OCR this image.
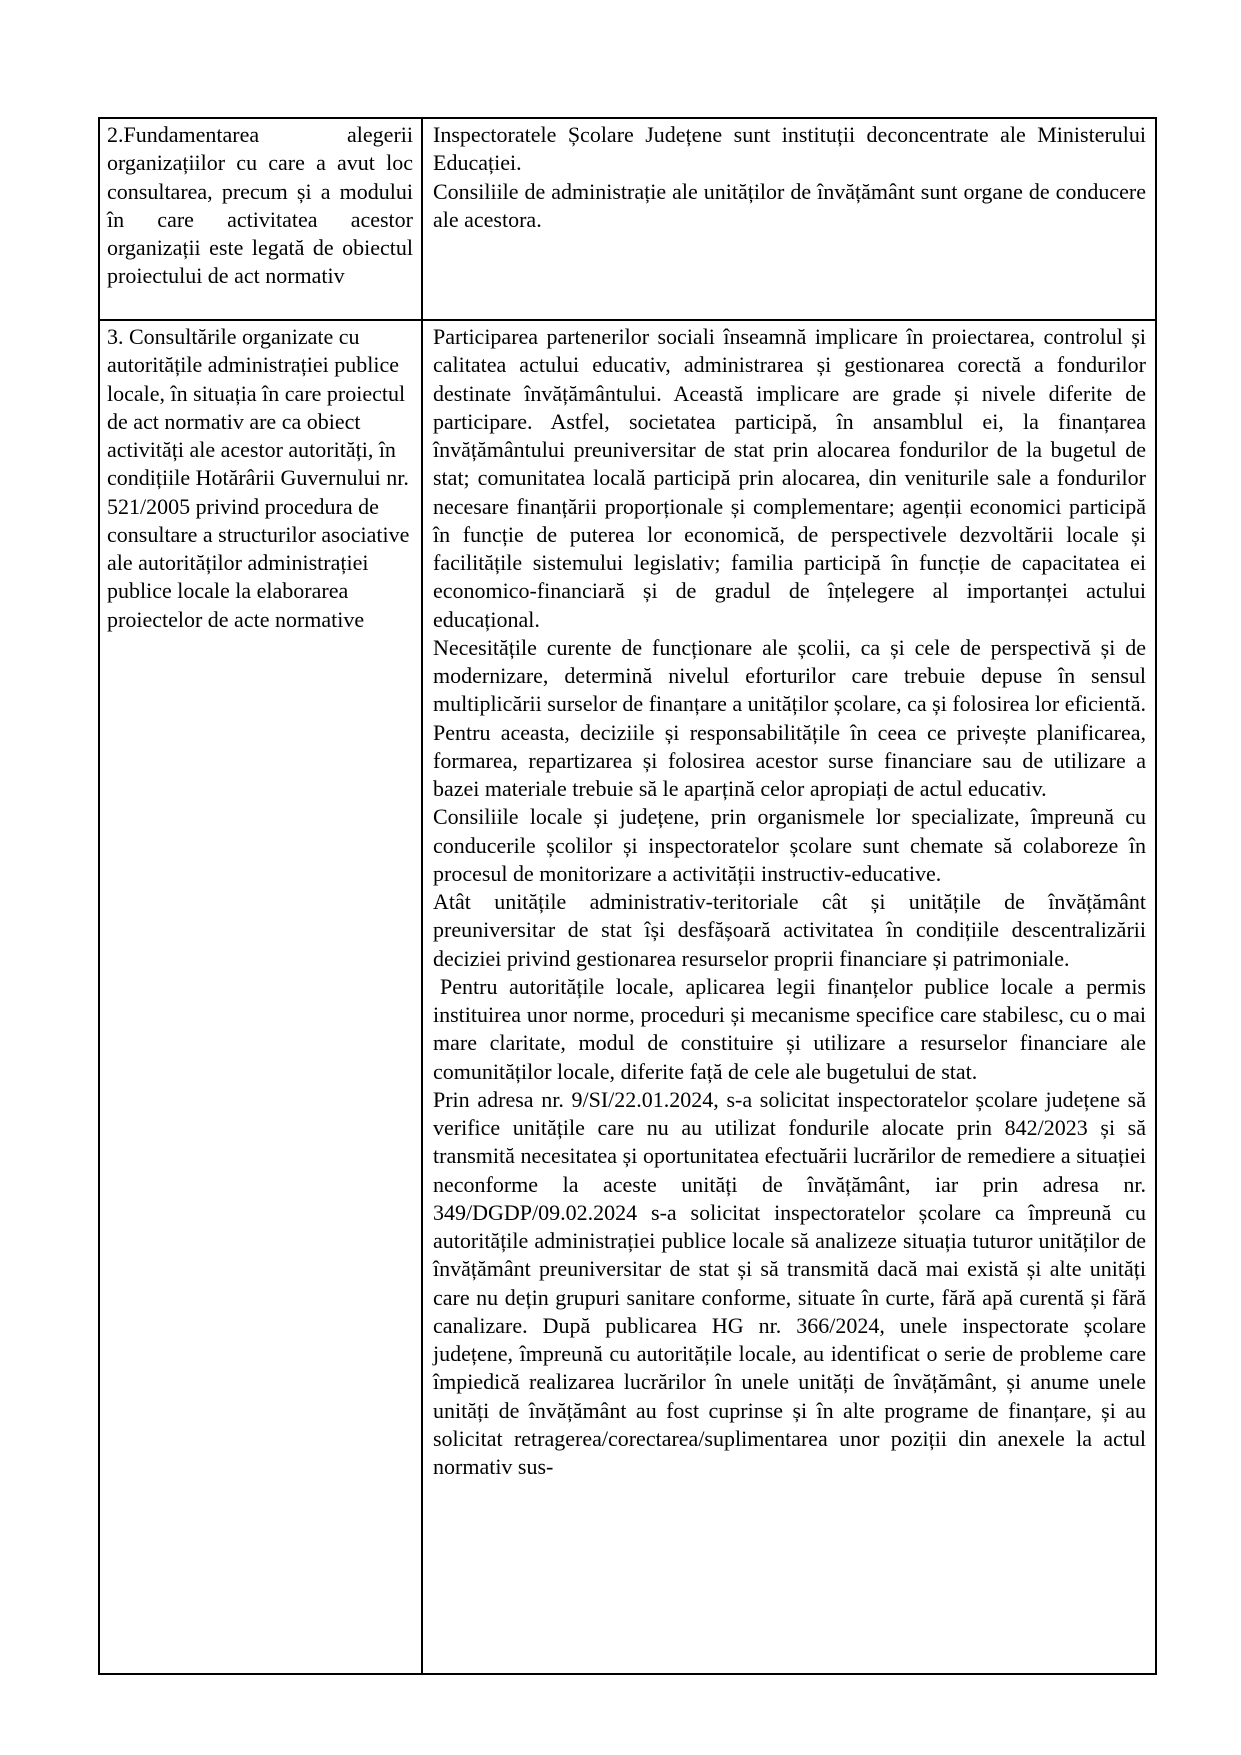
2.Fundamentarea alegerii organizațiilor cu care a avut loc consultarea, precum și a modului în care activitatea acestor organizații este legată de obiectul proiectului de act normativ

Inspectoratele Școlare Județene sunt instituții deconcentrate ale Ministerului Educației.

Consiliile de administrație ale unităților de învățământ sunt organe de conducere ale acestora.

3. Consultările organizate cu autoritățile administrației publice locale, în situația în care proiectul de act normativ are ca obiect activități ale acestor autorități, în condițiile Hotărârii Guvernului nr. 521/2005 privind procedura de consultare a structurilor asociative ale autorităților administrației publice locale la elaborarea proiectelor de acte normative

Participarea partenerilor sociali înseamnă implicare în proiectarea, controlul și calitatea actului educativ, administrarea și gestionarea corectă a fondurilor destinate învățământului. Această implicare are grade și nivele diferite de participare. Astfel, societatea participă, în ansamblul ei, la finanțarea învățământului preuniversitar de stat prin alocarea fondurilor de la bugetul de stat; comunitatea locală participă prin alocarea, din veniturile sale a fondurilor necesare finanțării proporționale și complementare; agenții economici participă în funcție de puterea lor economică, de perspectivele dezvoltării locale și facilitățile sistemului legislativ; familia participă în funcție de capacitatea ei economico-financiară și de gradul de înțelegere al importanței actului educațional.

Necesitățile curente de funcționare ale școlii, ca și cele de perspectivă și de modernizare, determină nivelul eforturilor care trebuie depuse în sensul multiplicării surselor de finanțare a unităților școlare, ca și folosirea lor eficientă. Pentru aceasta, deciziile și responsabilitățile în ceea ce privește planificarea, formarea, repartizarea și folosirea acestor surse financiare sau de utilizare a bazei materiale trebuie să le aparțină celor apropiați de actul educativ.

Consiliile locale și județene, prin organismele lor specializate, împreună cu conducerile școlilor și inspectoratelor școlare sunt chemate să colaboreze în procesul de monitorizare a activității instructiv-educative.

Atât unitățile administrativ-teritoriale cât și unitățile de învățământ preuniversitar de stat își desfășoară activitatea în condițiile descentralizării deciziei privind gestionarea resurselor proprii financiare și patrimoniale.

Pentru autoritățile locale, aplicarea legii finanțelor publice locale a permis instituirea unor norme, proceduri și mecanisme specifice care stabilesc, cu o mai mare claritate, modul de constituire și utilizare a resurselor financiare ale comunităților locale, diferite față de cele ale bugetului de stat.

Prin adresa nr. 9/SI/22.01.2024, s-a solicitat inspectoratelor școlare județene să verifice unitățile care nu au utilizat fondurile alocate prin 842/2023 și să transmită necesitatea și oportunitatea efectuării lucrărilor de remediere a situației neconforme la aceste unități de învățământ, iar prin adresa nr. 349/DGDP/09.02.2024 s-a solicitat inspectoratelor școlare ca împreună cu autoritățile administrației publice locale să analizeze situația tuturor unităților de învățământ preuniversitar de stat și să transmită dacă mai există și alte unități care nu dețin grupuri sanitare conforme, situate în curte, fără apă curentă și fără canalizare. După publicarea HG nr. 366/2024, unele inspectorate școlare județene, împreună cu autoritățile locale, au identificat o serie de probleme care împiedică realizarea lucrărilor în unele unități de învățământ, și anume unele unități de învățământ au fost cuprinse și în alte programe de finanțare, și au solicitat retragerea/corectarea/suplimentarea unor poziții din anexele la actul normativ sus-
